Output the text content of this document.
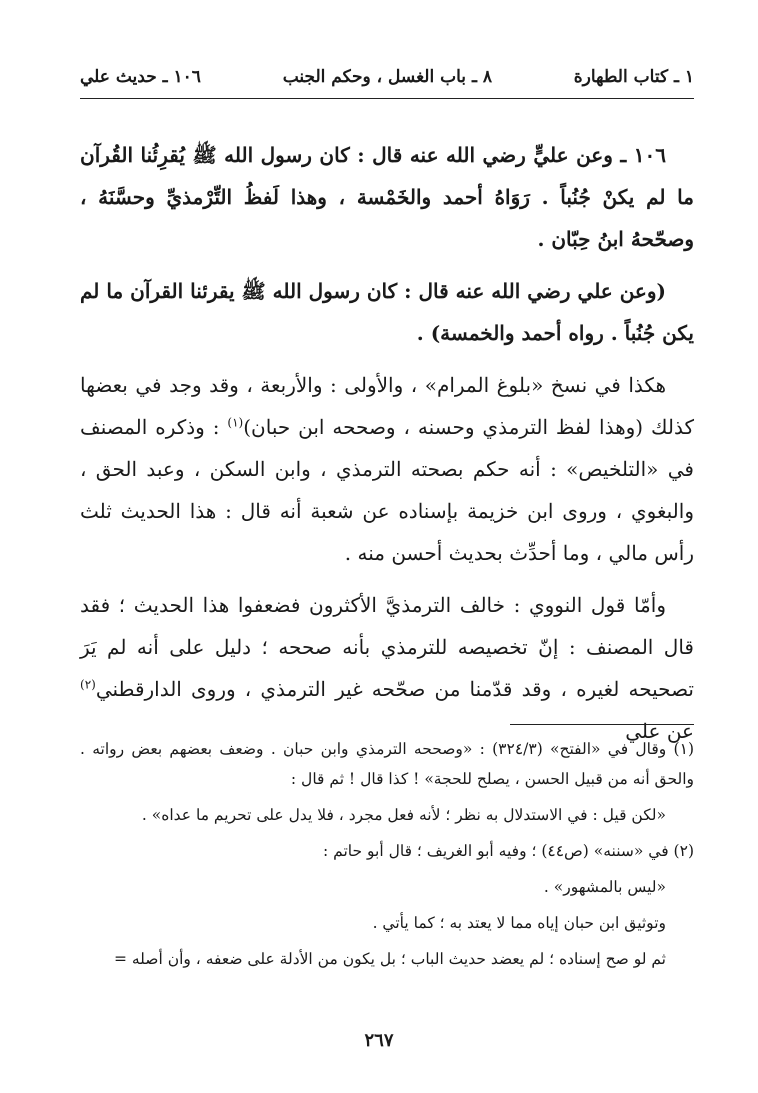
١ ـ كتاب الطهارة
٨ ـ باب الغسل ، وحكم الجنب
١٠٦ ـ حديث علي

١٠٦ ـ وعن عليٍّ رضي الله عنه قال : كان رسول الله ﷺ يُقرِئُنا القُرآن ما لم يكنْ جُنُباً . رَوَاهُ أحمد والخَمْسة ، وهذا لَفظُ التِّرْمذيِّ وحسَّنَهُ ، وصحّحهُ ابنُ حِبّان .

(وعن علي رضي الله عنه قال : كان رسول الله ﷺ يقرئنا القرآن ما لم يكن جُنُباً . رواه أحمد والخمسة) .

هكذا في نسخ «بلوغ المرام» ، والأولى : والأربعة ، وقد وجد في بعضها كذلك (وهذا لفظ الترمذي وحسنه ، وصححه ابن حبان)$^{(١)}$ : وذكره المصنف في «التلخيص» : أنه حكم بصحته الترمذي ، وابن السكن ، وعبد الحق ، والبغوي ، وروى ابن خزيمة بإسناده عن شعبة أنه قال : هذا الحديث ثلث رأس مالي ، وما أحدِّث بحديث أحسن منه .

وأمّا قول النووي : خالف الترمذيَّ الأكثرون فضعفوا هذا الحديث ؛ فقد قال المصنف : إنّ تخصيصه للترمذي بأنه صححه ؛ دليل على أنه لم يَرَ تصحيحه لغيره ، وقد قدّمنا من صحّحه غير الترمذي ، وروى الدارقطني$^{(٢)}$ عن علي

(١) وقال في «الفتح» (٣٢٤/٣) : «وصححه الترمذي وابن حبان . وضعف بعضهم بعض رواته . والحق أنه من قبيل الحسن ، يصلح للحجة» ! كذا قال ! ثم قال :

«لكن قيل : في الاستدلال به نظر ؛ لأنه فعل مجرد ، فلا يدل على تحريم ما عداه» .

(٢) في «سننه» (ص٤٤) ؛ وفيه أبو الغريف ؛ قال أبو حاتم :

«ليس بالمشهور» .

وتوثيق ابن حبان إياه مما لا يعتد به ؛ كما يأتي .

ثم لو صح إسناده ؛ لم يعضد حديث الباب ؛ بل يكون من الأدلة على ضعفه ، وأن أصله =

٢٦٧
